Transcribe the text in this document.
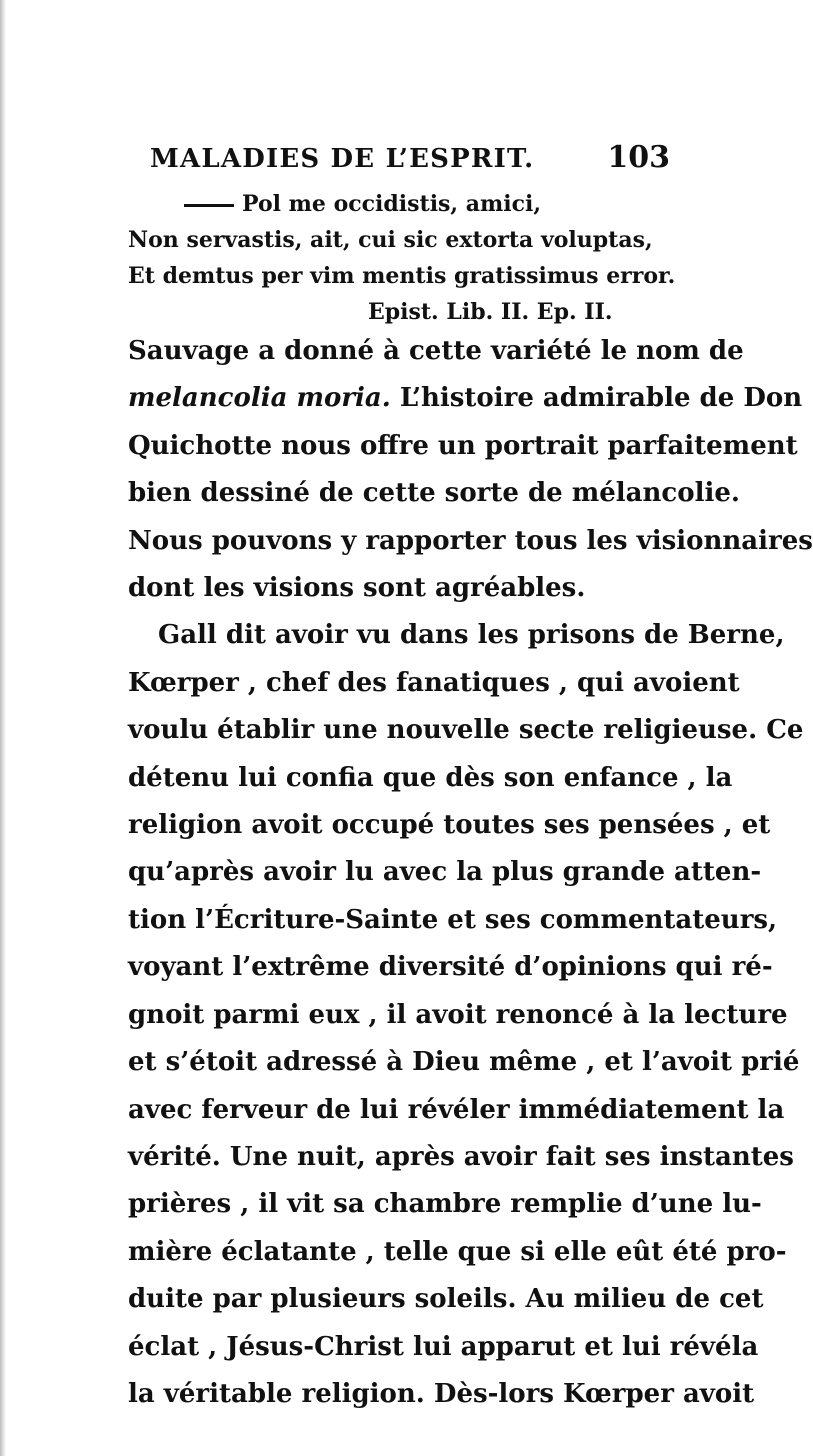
MALADIES DE L’ESPRIT. 103
Pol me occidistis, amici,
Non servastis, ait, cui sic extorta voluptas,
Et demtus per vim mentis gratissimus error.
Epist. Lib. II. Ep. II.
Sauvage a donné à cette variété le nom de
melancolia moria. L’histoire admirable de Don
Quichotte nous offre un portrait parfaitement
bien dessiné de cette sorte de mélancolie.
Nous pouvons y rapporter tous les visionnaires
dont les visions sont agréables.
Gall dit avoir vu dans les prisons de Berne,
Kœrper , chef des fanatiques , qui avoient
voulu établir une nouvelle secte religieuse. Ce
détenu lui confia que dès son enfance , la
religion avoit occupé toutes ses pensées , et
qu’après avoir lu avec la plus grande atten-
tion l’Écriture-Sainte et ses commentateurs,
voyant l’extrême diversité d’opinions qui ré-
gnoit parmi eux , il avoit renoncé à la lecture
et s’étoit adressé à Dieu même , et l’avoit prié
avec ferveur de lui révéler immédiatement la
vérité. Une nuit, après avoir fait ses instantes
prières , il vit sa chambre remplie d’une lu-
mière éclatante , telle que si elle eût été pro-
duite par plusieurs soleils. Au milieu de cet
éclat , Jésus-Christ lui apparut et lui révéla
la véritable religion. Dès-lors Kœrper avoit
